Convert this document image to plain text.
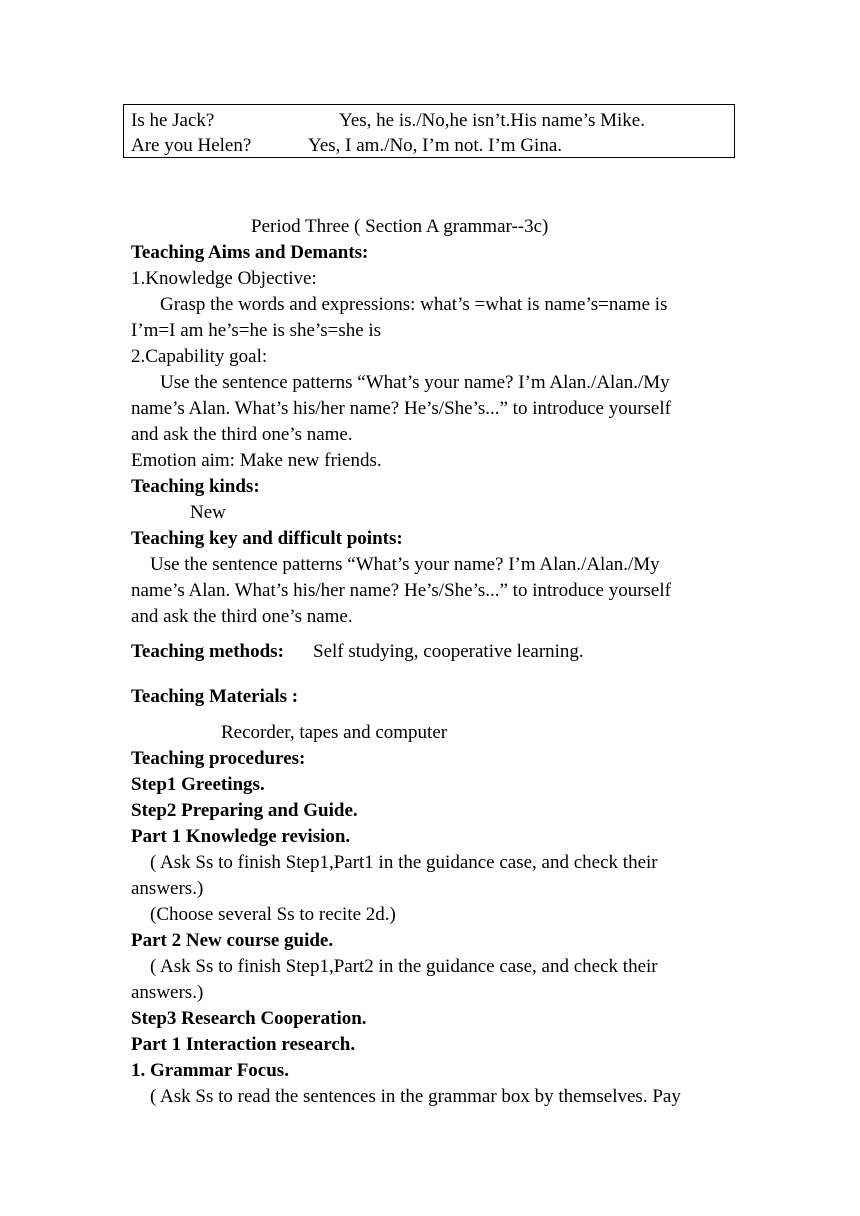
Is he Jack?	Yes, he is./No,he isn’t.His name’s Mike.
Are you Helen?	Yes, I am./No, I’m not. I’m Gina.
Period Three ( Section A grammar--3c)
Teaching Aims and Demants:
1.Knowledge Objective:
Grasp the words and expressions: what’s =what is name’s=name is
I’m=I am he’s=he is she’s=she is
2.Capability goal:
Use the sentence patterns “What’s your name? I’m Alan./Alan./My
name’s Alan. What’s his/her name? He’s/She’s...” to introduce yourself
and ask the third one’s name.
Emotion aim: Make new friends.
Teaching kinds:
New
Teaching key and difficult points:
Use the sentence patterns “What’s your name? I’m Alan./Alan./My
name’s Alan. What’s his/her name? He’s/She’s...” to introduce yourself
and ask the third one’s name.
Teaching methods: Self studying, cooperative learning.
Teaching Materials :
Recorder, tapes and computer
Teaching procedures:
Step1 Greetings.
Step2 Preparing and Guide.
Part 1 Knowledge revision.
( Ask Ss to finish Step1,Part1 in the guidance case, and check their
answers.)
(Choose several Ss to recite 2d.)
Part 2 New course guide.
( Ask Ss to finish Step1,Part2 in the guidance case, and check their
answers.)
Step3 Research Cooperation.
Part 1 Interaction research.
1. Grammar Focus.
( Ask Ss to read the sentences in the grammar box by themselves. Pay
